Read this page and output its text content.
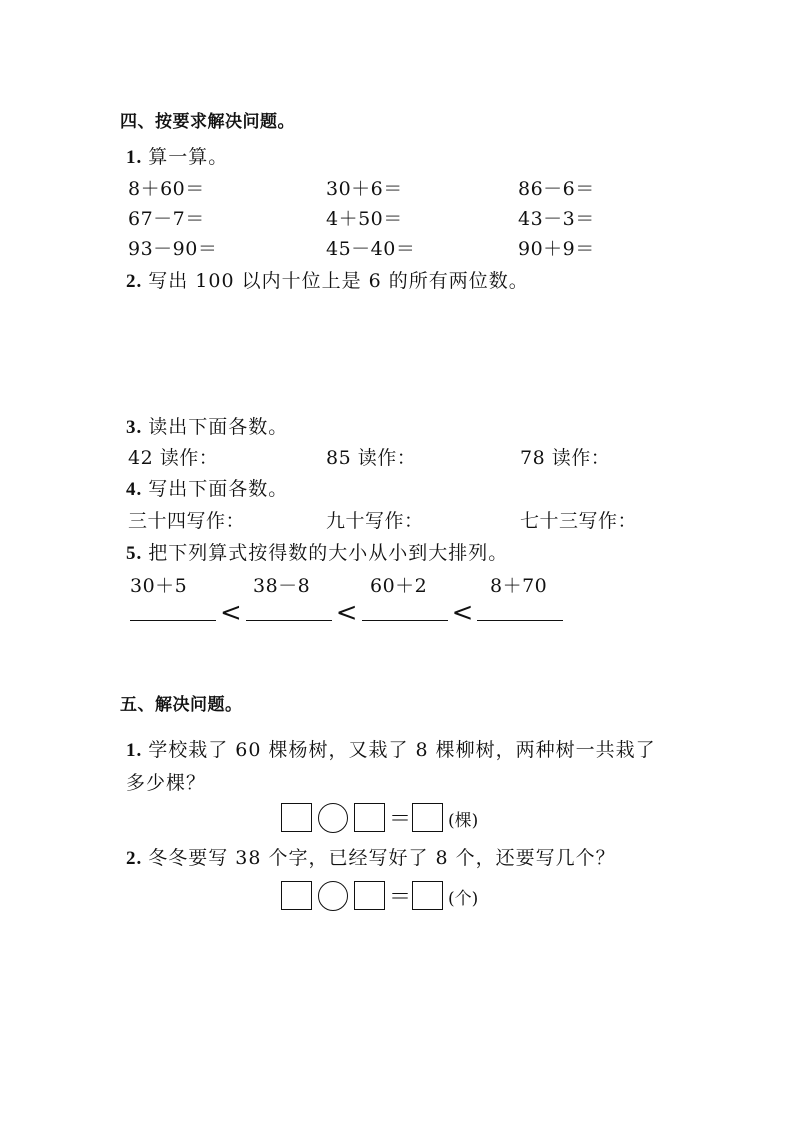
四、按要求解决问题。
1. 算一算。
8＋60＝	30＋6＝	86－6＝
67－7＝	4＋50＝	43－3＝
93－90＝	45－40＝	90＋9＝
2. 写出 100 以内十位上是 6 的所有两位数。
3. 读出下面各数。
42 读作：	85 读作：	78 读作：
4. 写出下面各数。
三十四写作：	九十写作：	七十三写作：
5. 把下列算式按得数的大小从小到大排列。
30＋5	38－8	60＋2	8＋70
<	<	<
五、解决问题。
1. 学校栽了 60 棵杨树，又栽了 8 棵柳树，两种树一共栽了
多少棵？
＝ (棵)
2. 冬冬要写 38 个字，已经写好了 8 个，还要写几个？
＝ (个)
